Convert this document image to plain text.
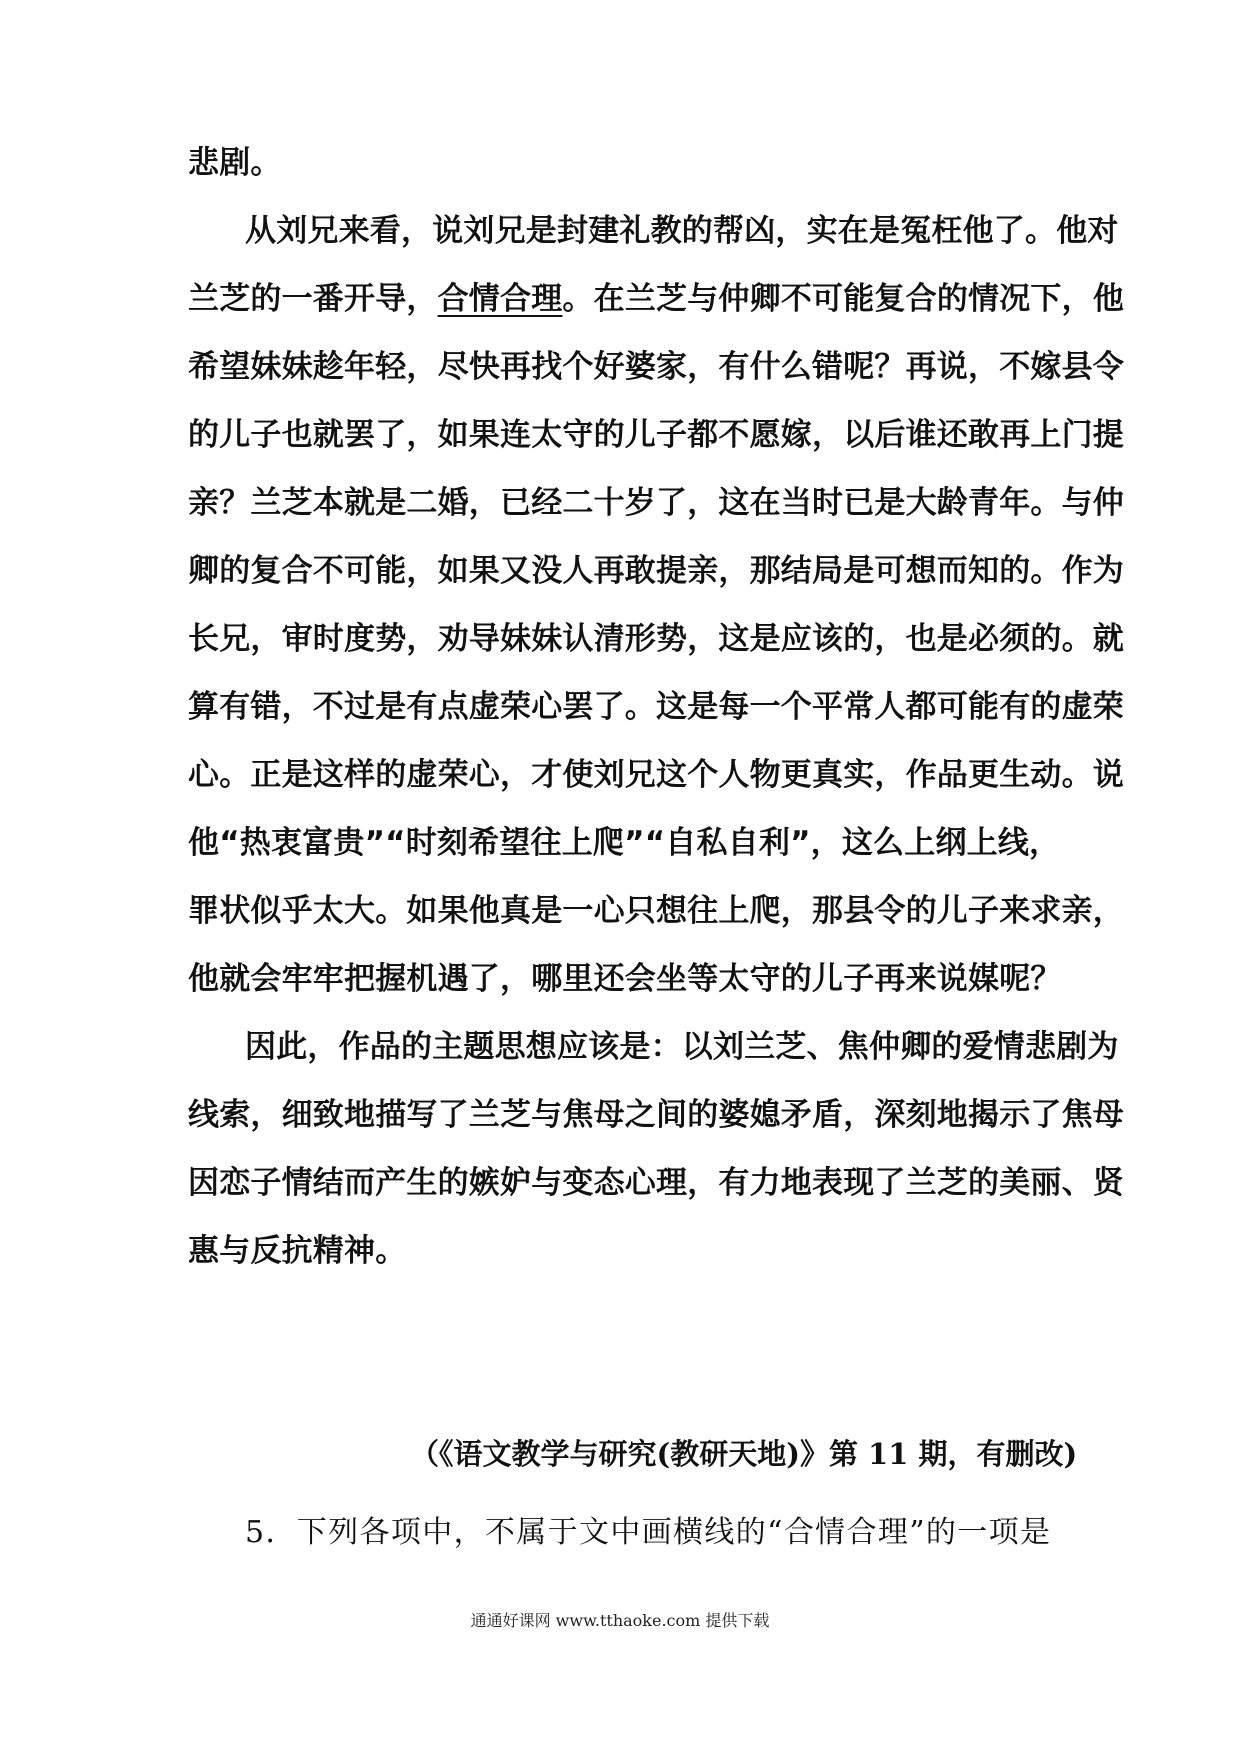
悲剧。
从刘兄来看，说刘兄是封建礼教的帮凶，实在是冤枉他了。他对
兰芝的一番开导，合情合理。在兰芝与仲卿不可能复合的情况下，他
希望妹妹趁年轻，尽快再找个好婆家，有什么错呢？再说，不嫁县令
的儿子也就罢了，如果连太守的儿子都不愿嫁，以后谁还敢再上门提
亲？兰芝本就是二婚，已经二十岁了，这在当时已是大龄青年。与仲
卿的复合不可能，如果又没人再敢提亲，那结局是可想而知的。作为
长兄，审时度势，劝导妹妹认清形势，这是应该的，也是必须的。就
算有错，不过是有点虚荣心罢了。这是每一个平常人都可能有的虚荣
心。正是这样的虚荣心，才使刘兄这个人物更真实，作品更生动。说
他“热衷富贵”“时刻希望往上爬”“自私自利”，这么上纲上线，
罪状似乎太大。如果他真是一心只想往上爬，那县令的儿子来求亲，
他就会牢牢把握机遇了，哪里还会坐等太守的儿子再来说媒呢？
因此，作品的主题思想应该是：以刘兰芝、焦仲卿的爱情悲剧为
线索，细致地描写了兰芝与焦母之间的婆媳矛盾，深刻地揭示了焦母
因恋子情结而产生的嫉妒与变态心理，有力地表现了兰芝的美丽、贤
惠与反抗精神。
（《语文教学与研究(教研天地)》第 11 期，有删改)
5．下列各项中，不属于文中画横线的“合情合理”的一项是
通通好课网 www.tthaoke.com 提供下载
